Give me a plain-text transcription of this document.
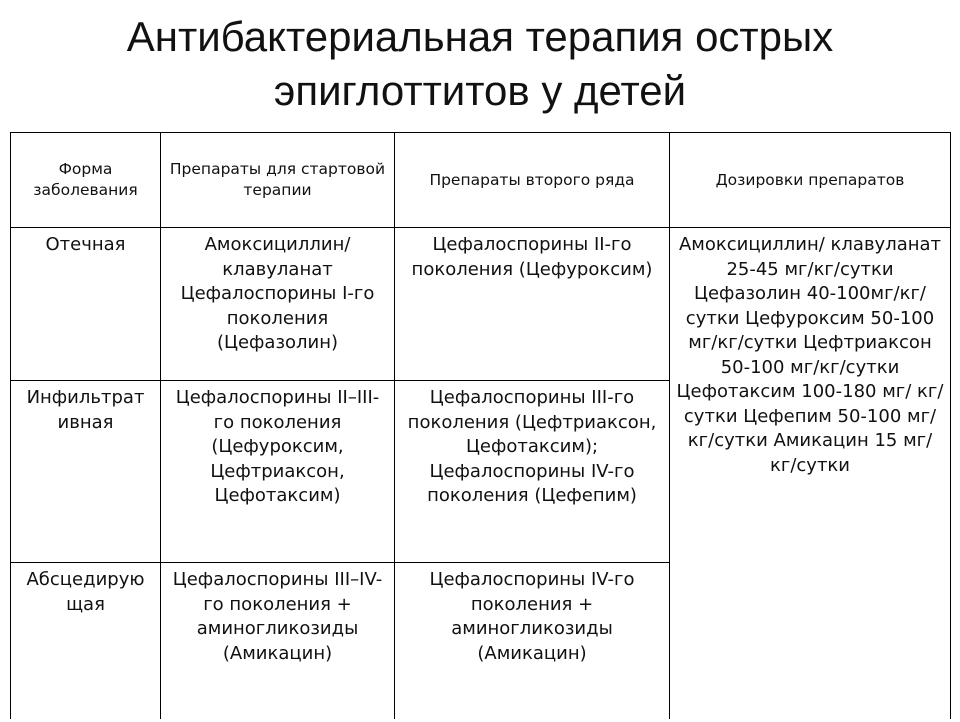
Антибактериальная терапия острых
эпиглоттитов у детей
Форма заболевания	Препараты для стартовой терапии	Препараты второго ряда	Дозировки препаратов
Отечная	Амоксициллин/ клавуланат Цефалоспорины I-го поколения (Цефазолин)	Цефалоспорины II-го поколения (Цефуроксим)	Амоксициллин/ клавуланат 25-45 мг/кг/сутки Цефазолин 40-100мг/кг/сутки Цефуроксим 50-100 мг/кг/сутки Цефтриаксон 50-100 мг/кг/сутки Цефотаксим 100-180 мг/ кг/сутки Цефепим 50-100 мг/кг/сутки Амикацин 15 мг/кг/сутки
Инфильтрат ивная	Цефалоспорины II–III-го поколения (Цефуроксим, Цефтриаксон, Цефотаксим)	Цефалоспорины III-го поколения (Цефтриаксон, Цефотаксим); Цефалоспорины IV-го поколения (Цефепим)	
Абсцедирую щая	Цефалоспорины III–IV-го поколения + аминогликозиды (Амикацин)	Цефалоспорины IV-го поколения + аминогликозиды (Амикацин)	
